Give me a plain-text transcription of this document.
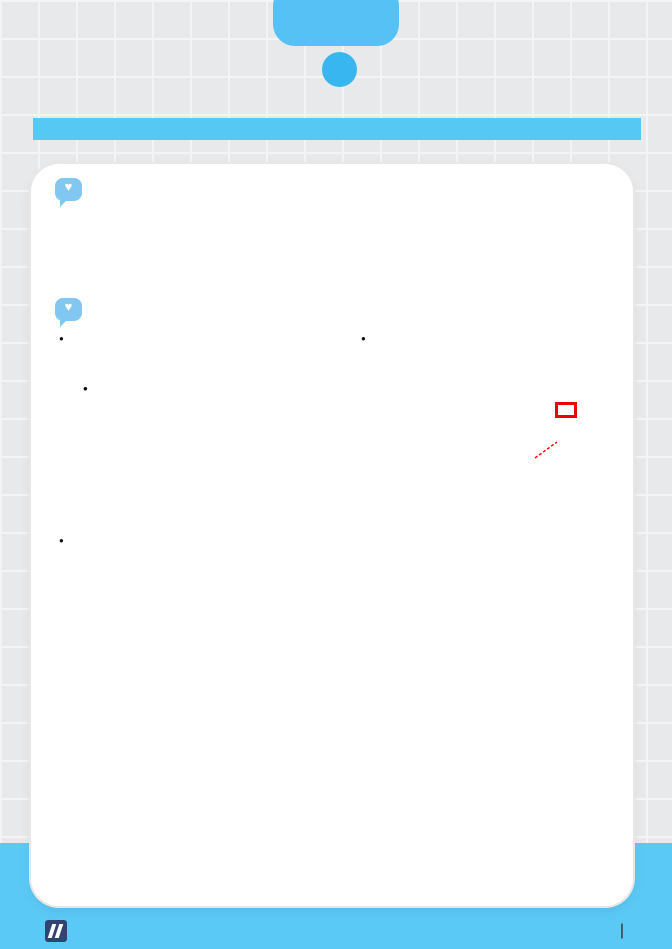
♥
♥
|
